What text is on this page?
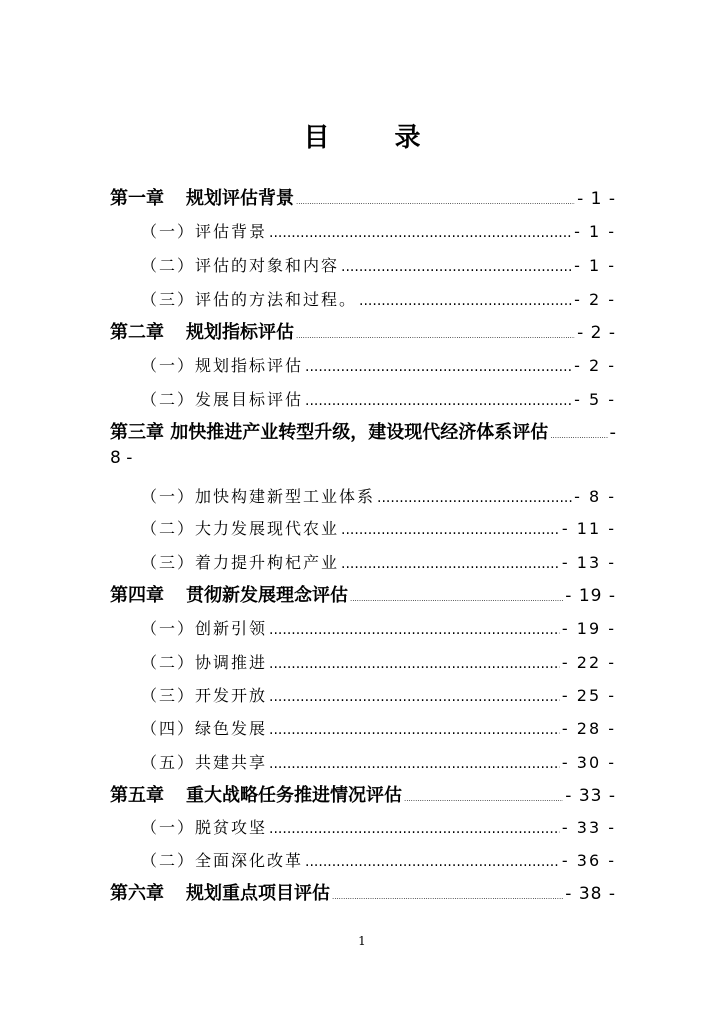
目 录
第一章 规划评估背景 .....	- 1 -
（一）评估背景 .....	- 1 -
（二）评估的对象和内容 .....	- 1 -
（三）评估的方法和过程。 .....	- 2 -
第二章 规划指标评估 .....	- 2 -
（一）规划指标评估 .....	- 2 -
（二）发展目标评估 .....	- 5 -
第三章 加快推进产业转型升级，建设现代经济体系评估 .....	-
8 -
（一）加快构建新型工业体系 .....	- 8 -
（二）大力发展现代农业 .....	- 11 -
（三）着力提升枸杞产业 .....	- 13 -
第四章 贯彻新发展理念评估 .....	- 19 -
（一）创新引领 .....	- 19 -
（二）协调推进 .....	- 22 -
（三）开发开放 .....	- 25 -
（四）绿色发展 .....	- 28 -
（五）共建共享 .....	- 30 -
第五章 重大战略任务推进情况评估 .....	- 33 -
（一）脱贫攻坚 .....	- 33 -
（二）全面深化改革 .....	- 36 -
第六章 规划重点项目评估 .....	- 38 -
1
